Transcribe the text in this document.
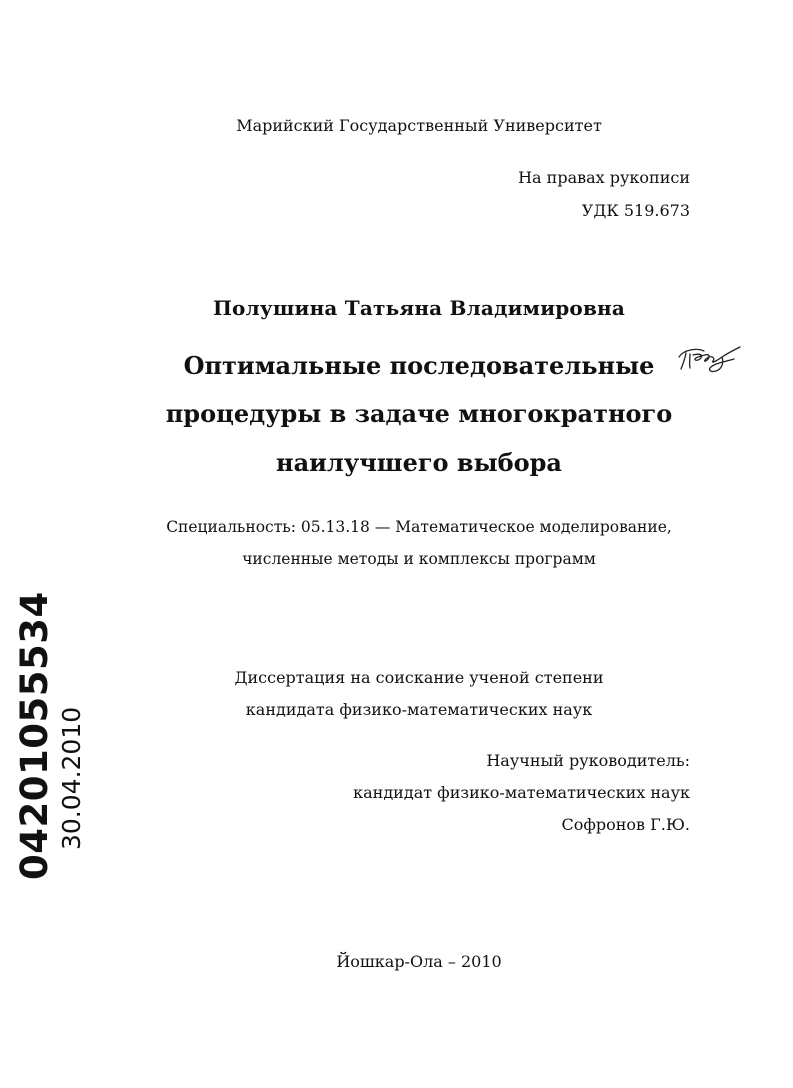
Марийский Государственный Университет
На правах рукописи
УДК 519.673
Полушина Татьяна Владимировна
Оптимальные последовательные
процедуры в задаче многократного
наилучшего выбора
Специальность: 05.13.18 — Математическое моделирование,
численные методы и комплексы программ
Диссертация на соискание ученой степени
кандидата физико-математических наук
Научный руководитель:
кандидат физико-математических наук
Софронов Г.Ю.
Йошкар-Ола – 2010
04201055534 30.04.2010
